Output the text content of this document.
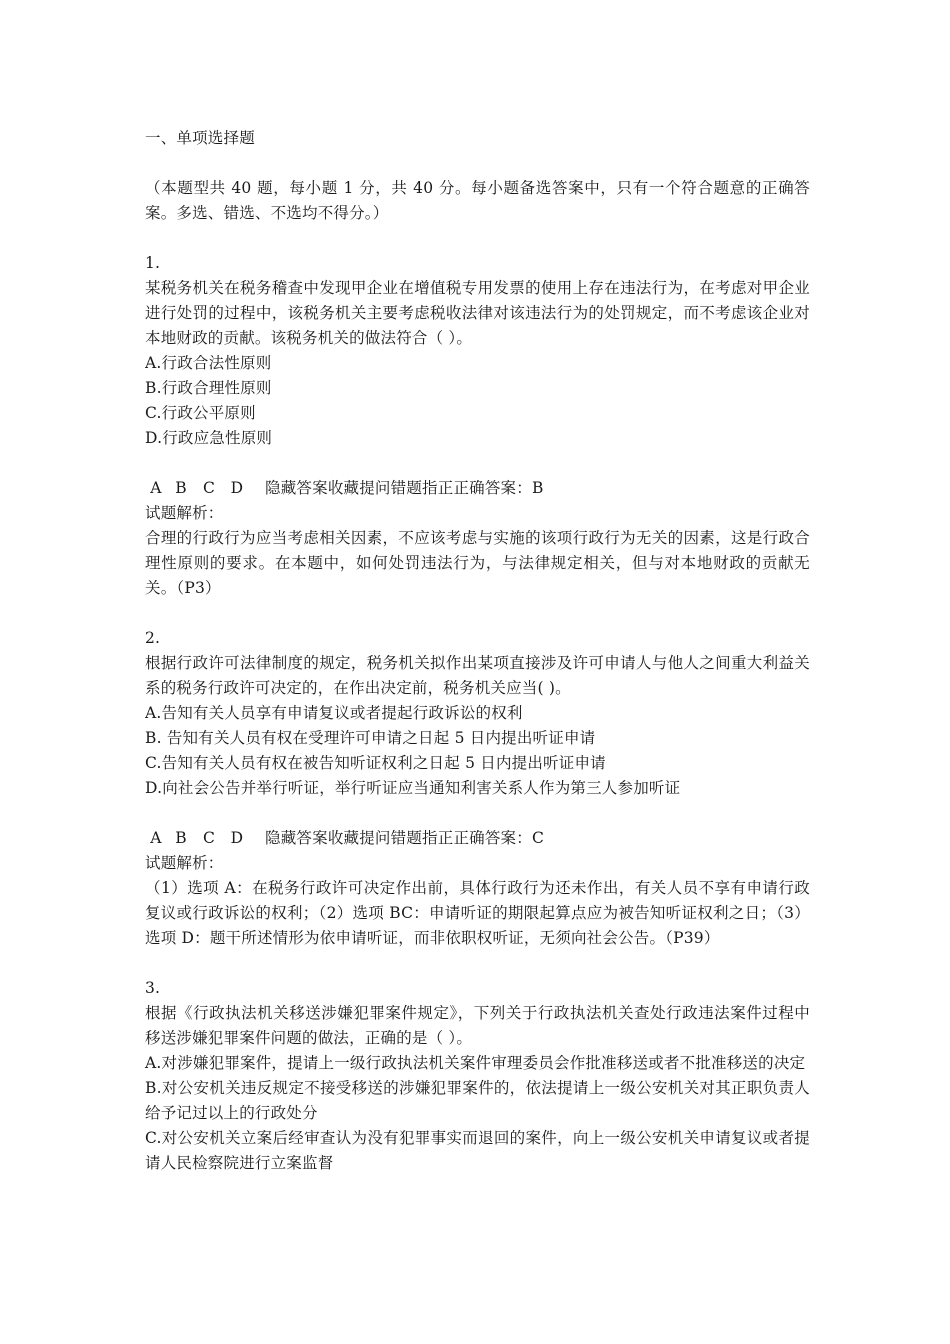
一、单项选择题
（本题型共 40 题，每小题 1 分，共 40 分。每小题备选答案中，只有一个符合题意的正确答案。多选、错选、不选均不得分。）
1.
某税务机关在税务稽查中发现甲企业在增值税专用发票的使用上存在违法行为，在考虑对甲企业进行处罚的过程中，该税务机关主要考虑税收法律对该违法行为的处罚规定，而不考虑该企业对本地财政的贡献。该税务机关的做法符合（ ）。
A.行政合法性原则
B.行政合理性原则
C.行政公平原则
D.行政应急性原则
A B	C	D	隐藏答案 收藏 提问 错题指正 正确答案： B
试题解析：
合理的行政行为应当考虑相关因素，不应该考虑与实施的该项行政行为无关的因素，这是行政合理性原则的要求。在本题中，如何处罚违法行为，与法律规定相关，但与对本地财政的贡献无关。（P3）
2.
根据行政许可法律制度的规定，税务机关拟作出某项直接涉及许可申请人与他人之间重大利益关系的税务行政许可决定的，在作出决定前，税务机关应当( )。
A.告知有关人员享有申请复议或者提起行政诉讼的权利
B. 告知有关人员有权在受理许可申请之日起 5 日内提出听证申请
C.告知有关人员有权在被告知听证权利之日起 5 日内提出听证申请
D.向社会公告并举行听证，举行听证应当通知利害关系人作为第三人参加听证
A B	C	D	隐藏答案 收藏 提问 错题指正 正确答案： C
试题解析：
（1）选项 A：在税务行政许可决定作出前，具体行政行为还未作出，有关人员不享有申请行政复议或行政诉讼的权利；（2）选项 BC：申请听证的期限起算点应为被告知听证权利之日；（3）选项 D：题干所述情形为依申请听证，而非依职权听证，无须向社会公告。（P39）
3.
根据《行政执法机关移送涉嫌犯罪案件规定》，下列关于行政执法机关查处行政违法案件过程中移送涉嫌犯罪案件问题的做法，正确的是（ ）。
A.对涉嫌犯罪案件，提请上一级行政执法机关案件审理委员会作批准移送或者不批准移送的决定
B.对公安机关违反规定不接受移送的涉嫌犯罪案件的，依法提请上一级公安机关对其正职负责人给予记过以上的行政处分
C.对公安机关立案后经审查认为没有犯罪事实而退回的案件，向上一级公安机关申请复议或者提请人民检察院进行立案监督
